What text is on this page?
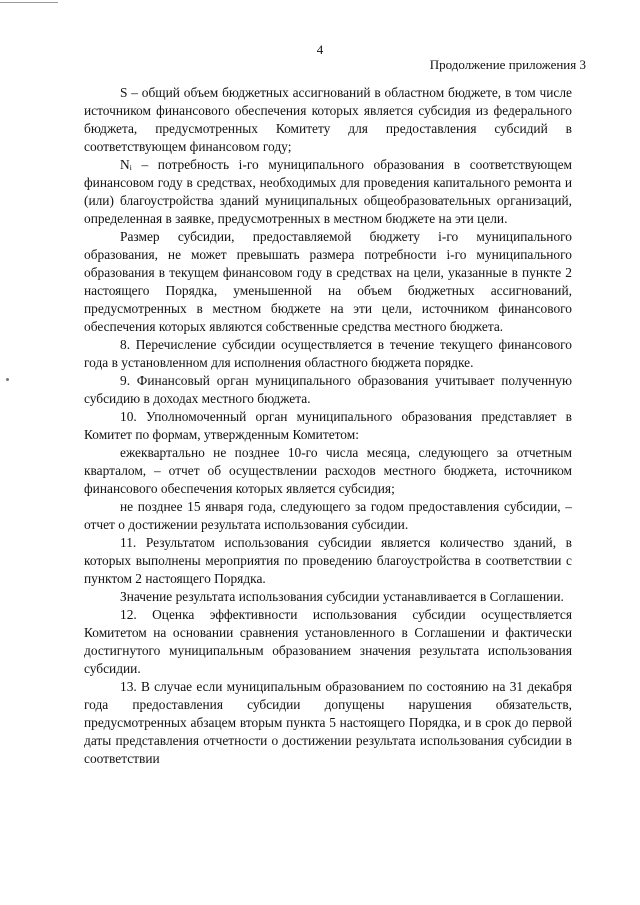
4
Продолжение приложения 3

S – общий объем бюджетных ассигнований в областном бюджете, в том числе источником финансового обеспечения которых является субсидия из федерального бюджета, предусмотренных Комитету для предоставления субсидий в соответствующем финансовом году;

Nᵢ – потребность i-го муниципального образования в соответствующем финансовом году в средствах, необходимых для проведения капитального ремонта и (или) благоустройства зданий муниципальных общеобразовательных организаций, определенная в заявке, предусмотренных в местном бюджете на эти цели.

Размер субсидии, предоставляемой бюджету i-го муниципального образования, не может превышать размера потребности i-го муниципального образования в текущем финансовом году в средствах на цели, указанные в пункте 2 настоящего Порядка, уменьшенной на объем бюджетных ассигнований, предусмотренных в местном бюджете на эти цели, источником финансового обеспечения которых являются собственные средства местного бюджета.

8. Перечисление субсидии осуществляется в течение текущего финансового года в установленном для исполнения областного бюджета порядке.

9. Финансовый орган муниципального образования учитывает полученную субсидию в доходах местного бюджета.

10. Уполномоченный орган муниципального образования представляет в Комитет по формам, утвержденным Комитетом:

ежеквартально не позднее 10-го числа месяца, следующего за отчетным кварталом, – отчет об осуществлении расходов местного бюджета, источником финансового обеспечения которых является субсидия;

не позднее 15 января года, следующего за годом предоставления субсидии, – отчет о достижении результата использования субсидии.

11. Результатом использования субсидии является количество зданий, в которых выполнены мероприятия по проведению благоустройства в соответствии с пунктом 2 настоящего Порядка.

Значение результата использования субсидии устанавливается в Соглашении.

12. Оценка эффективности использования субсидии осуществляется Комитетом на основании сравнения установленного в Соглашении и фактически достигнутого муниципальным образованием значения результата использования субсидии.

13. В случае если муниципальным образованием по состоянию на 31 декабря года предоставления субсидии допущены нарушения обязательств, предусмотренных абзацем вторым пункта 5 настоящего Порядка, и в срок до первой даты представления отчетности о достижении результата использования субсидии в соответствии
